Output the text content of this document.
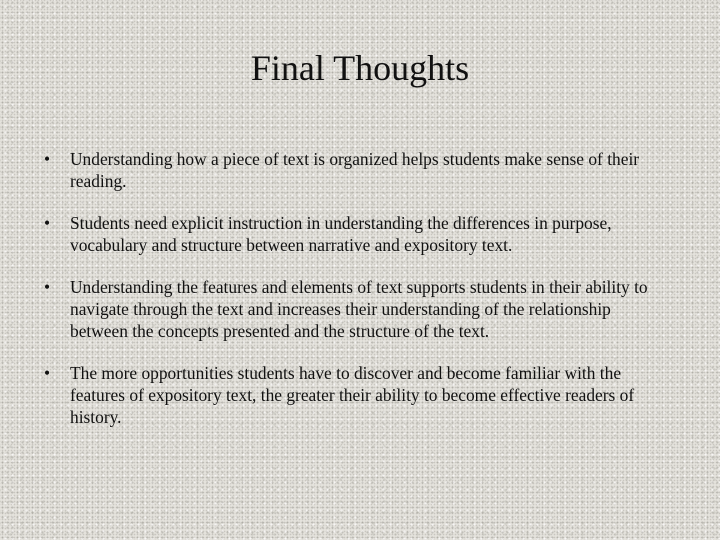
Final Thoughts
• Understanding how a piece of text is organized helps students make sense of their reading.
• Students need explicit instruction in understanding the differences in purpose, vocabulary and structure between narrative and expository text.
• Understanding the features and elements of text supports students in their ability to navigate through the text and increases their understanding of the relationship between the concepts presented and the structure of the text.
• The more opportunities students have to discover and become familiar with the features of expository text, the greater their ability to become effective readers of history.
